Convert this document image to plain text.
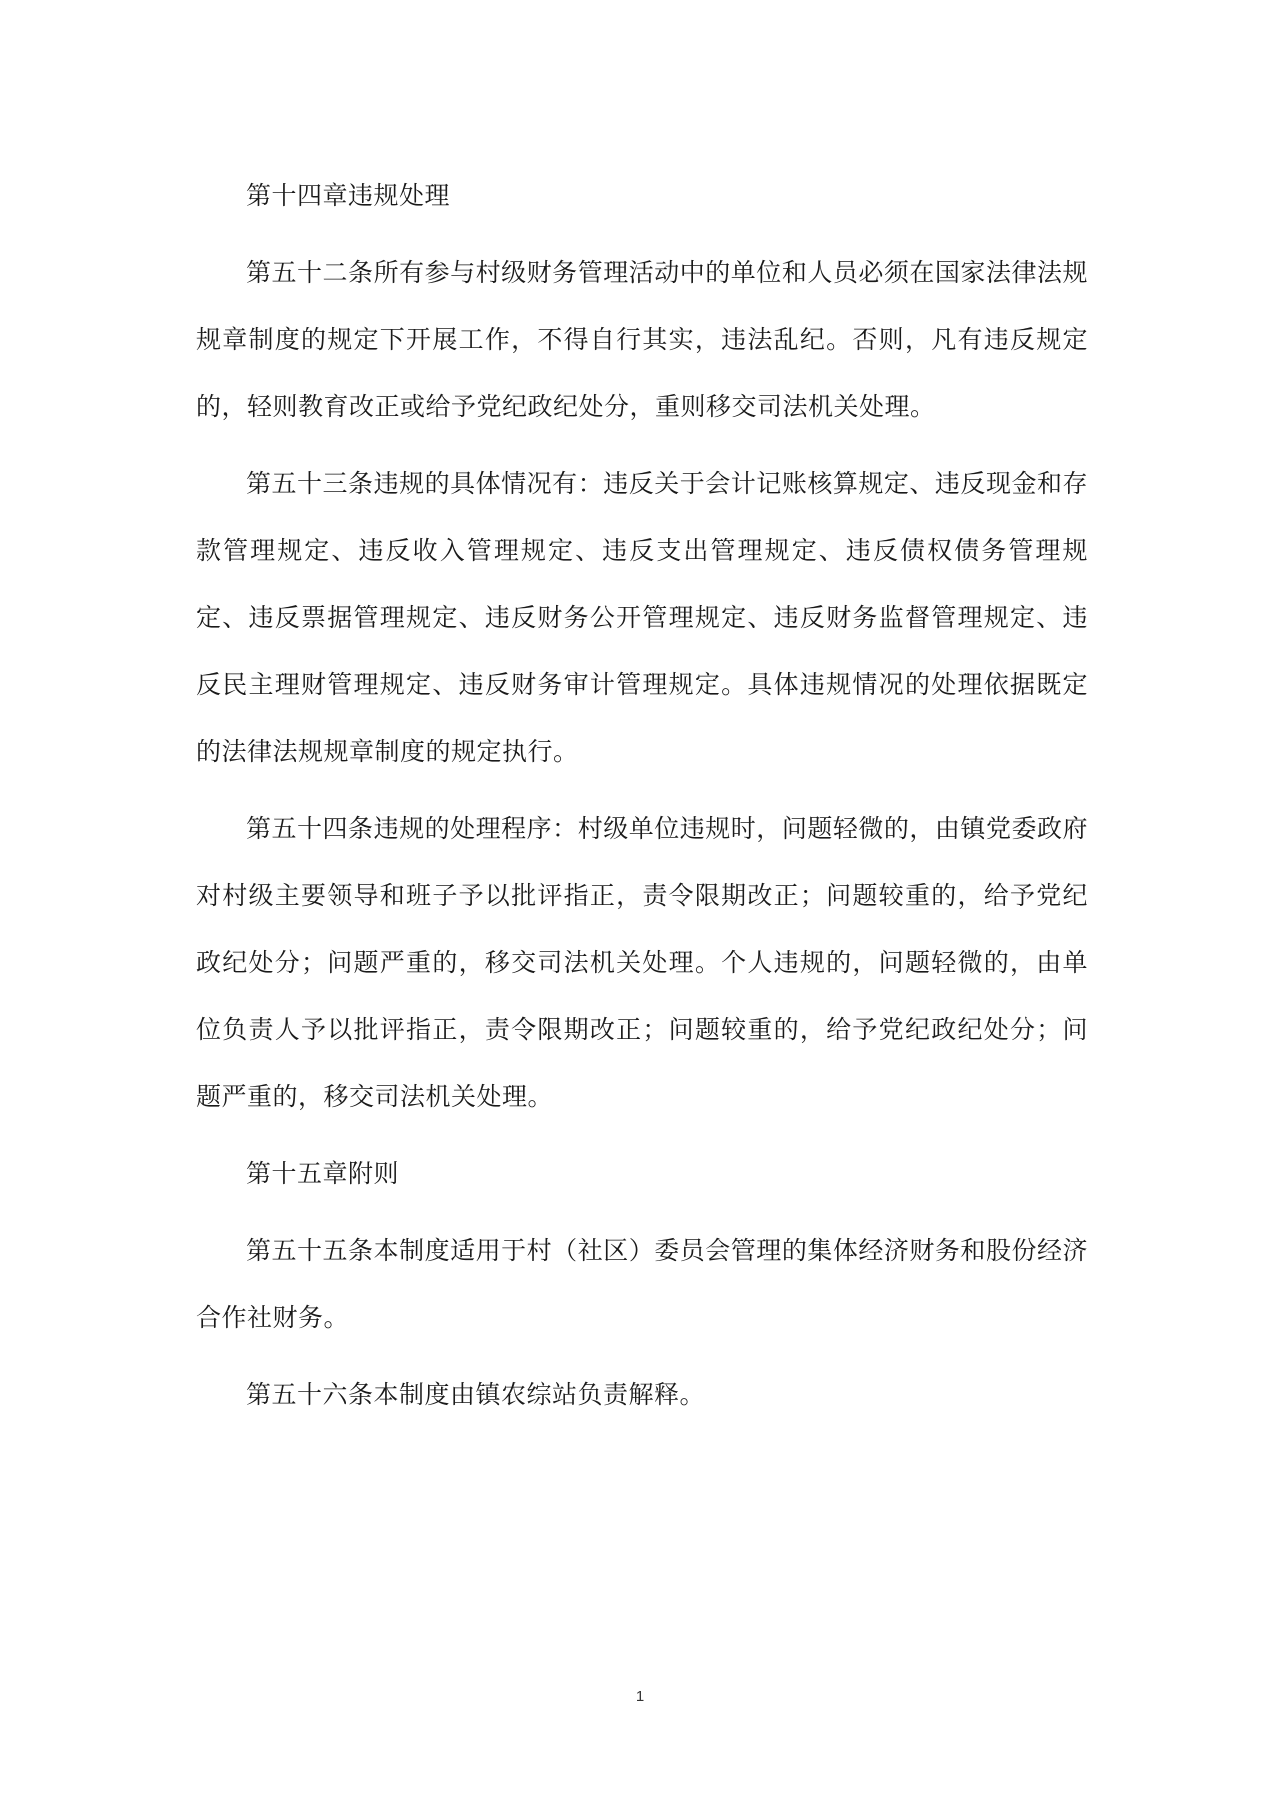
第十四章违规处理

第五十二条所有参与村级财务管理活动中的单位和人员必须在国家法律法规规章制度的规定下开展工作，不得自行其实，违法乱纪。否则，凡有违反规定的，轻则教育改正或给予党纪政纪处分，重则移交司法机关处理。

第五十三条违规的具体情况有：违反关于会计记账核算规定、违反现金和存款管理规定、违反收入管理规定、违反支出管理规定、违反债权债务管理规定、违反票据管理规定、违反财务公开管理规定、违反财务监督管理规定、违反民主理财管理规定、违反财务审计管理规定。具体违规情况的处理依据既定的法律法规规章制度的规定执行。

第五十四条违规的处理程序：村级单位违规时，问题轻微的，由镇党委政府对村级主要领导和班子予以批评指正，责令限期改正；问题较重的，给予党纪政纪处分；问题严重的，移交司法机关处理。个人违规的，问题轻微的，由单位负责人予以批评指正，责令限期改正；问题较重的，给予党纪政纪处分；问题严重的，移交司法机关处理。

第十五章附则

第五十五条本制度适用于村（社区）委员会管理的集体经济财务和股份经济合作社财务。

第五十六条本制度由镇农综站负责解释。

1
